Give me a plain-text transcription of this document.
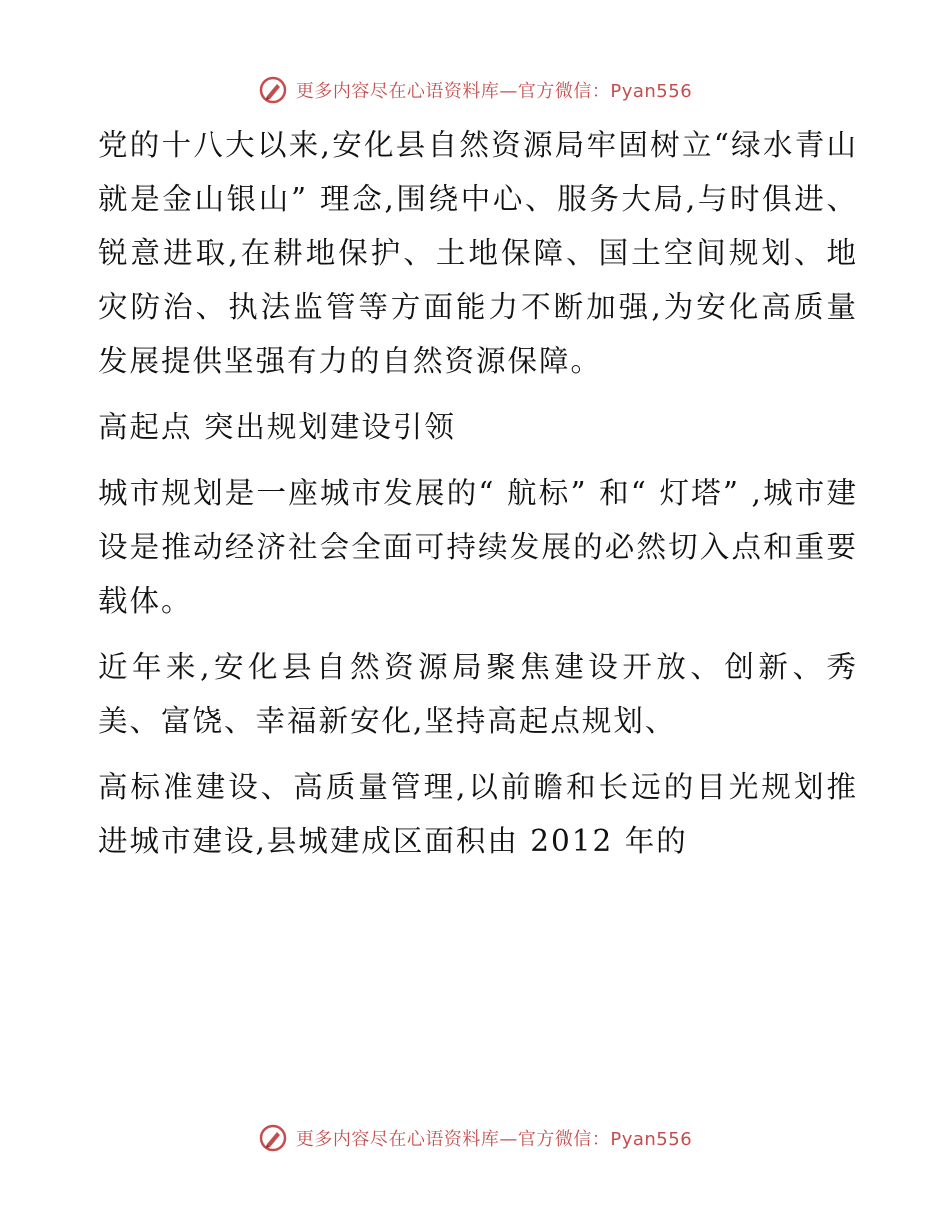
更多内容尽在心语资料库—官方微信：Pyan556

党的十八大以来,安化县自然资源局牢固树立“绿水青山就是金山银山” 理念,围绕中心、服务大局,与时俱进、锐意进取,在耕地保护、土地保障、国土空间规划、地灾防治、执法监管等方面能力不断加强,为安化高质量发展提供坚强有力的自然资源保障。

高起点 突出规划建设引领

城市规划是一座城市发展的“ 航标” 和“ 灯塔” ,城市建设是推动经济社会全面可持续发展的必然切入点和重要载体。

近年来,安化县自然资源局聚焦建设开放、创新、秀美、富饶、幸福新安化,坚持高起点规划、

高标准建设、高质量管理,以前瞻和长远的目光规划推进城市建设,县城建成区面积由 2012 年的

更多内容尽在心语资料库—官方微信：Pyan556
